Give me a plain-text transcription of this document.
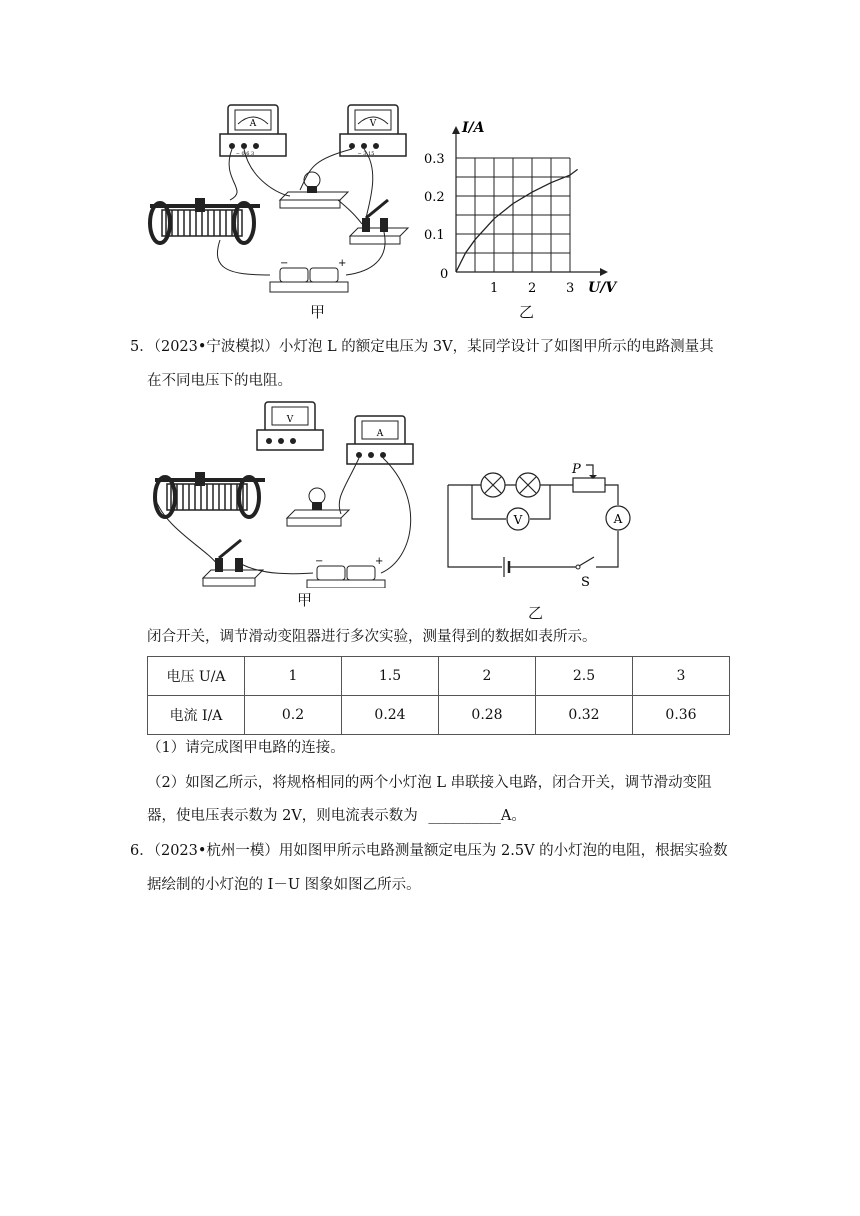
A
− 0.6 3
V
− 3 15
−	+
甲
1 2 3
0.1
0.2
0.3
0
I/A
U/V
乙
5．（2023•宁波模拟）小灯泡 L 的额定电压为 3V，某同学设计了如图甲所示的电路测量其
在不同电压下的电阻。
V
A
−	+
甲
P
V	A
S
乙
闭合开关，调节滑动变阻器进行多次实验，测量得到的数据如表所示。
电压 U/A	1	1.5	2	2.5	3
电流 I/A	0.2	0.24	0.28	0.32	0.36
（1）请完成图甲电路的连接。
（2）如图乙所示，将规格相同的两个小灯泡 L 串联接入电路，闭合开关，调节滑动变阻
器，使电压表示数为 2V，则电流表示数为 __________A。
6．（2023•杭州一模）用如图甲所示电路测量额定电压为 2.5V 的小灯泡的电阻，根据实验数
据绘制的小灯泡的 I－U 图象如图乙所示。
